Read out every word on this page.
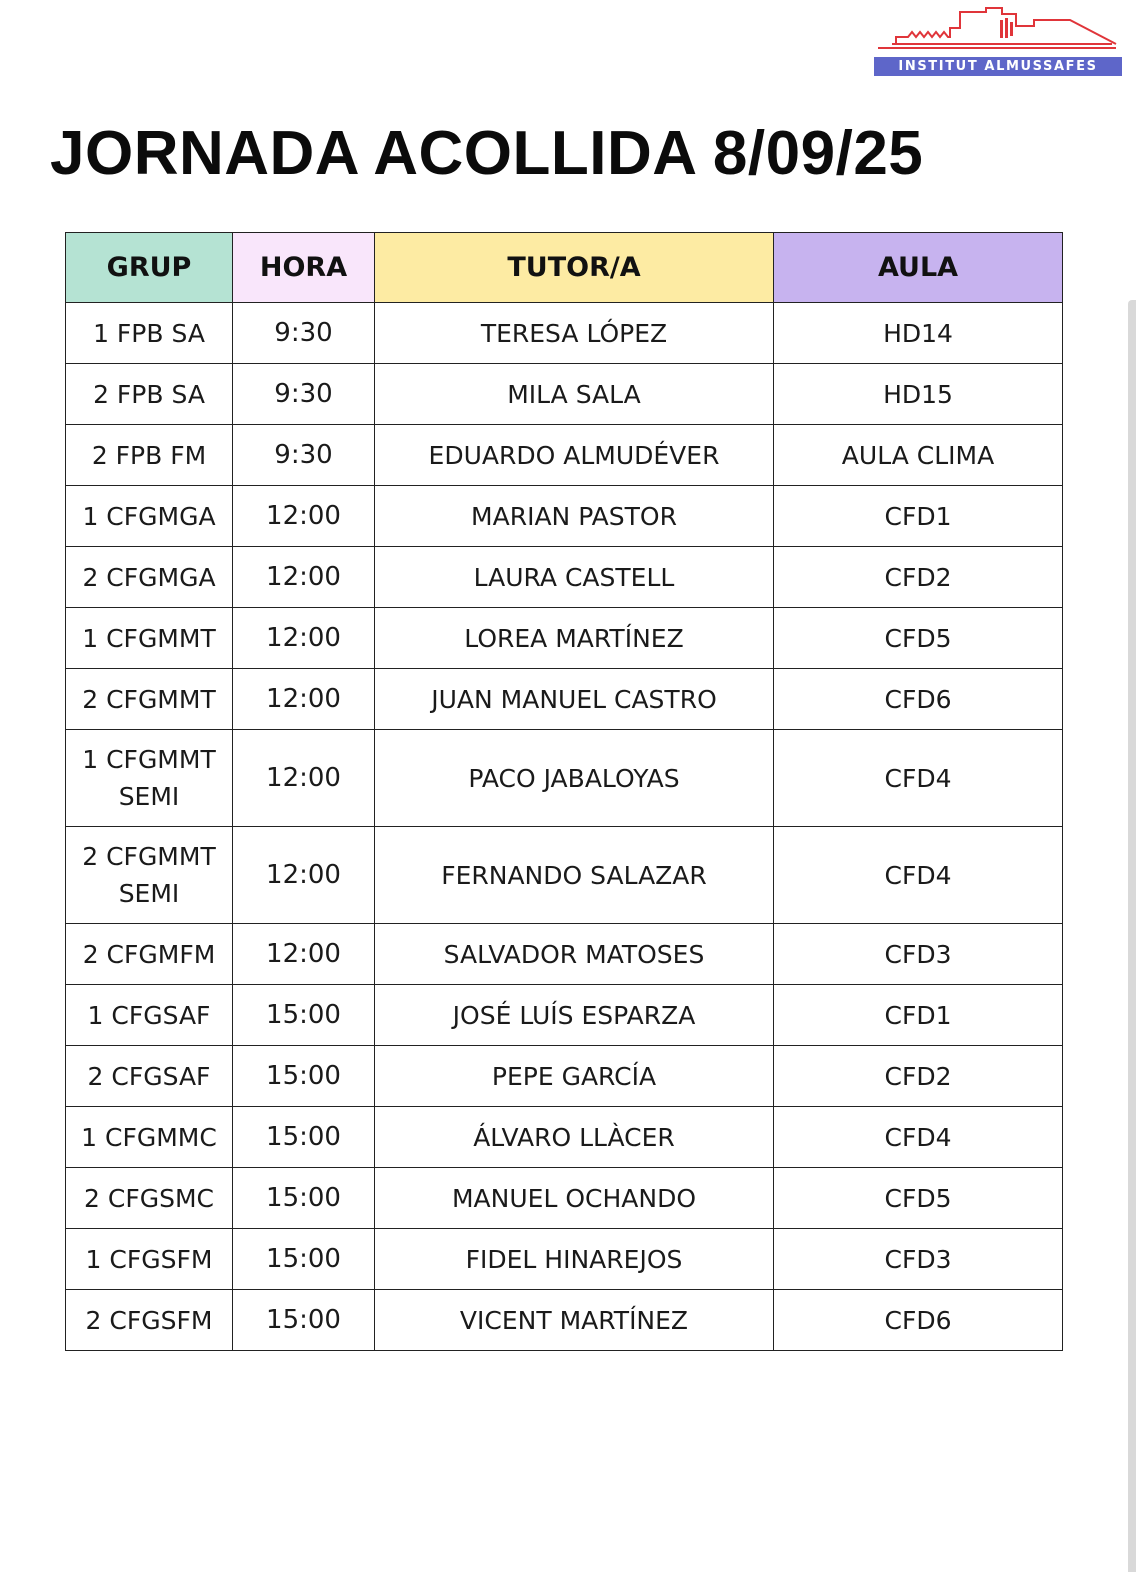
INSTITUT ALMUSSAFES
JORNADA ACOLLIDA 8/09/25
GRUP	HORA	TUTOR/A	AULA
1 FPB SA	9:30	TERESA LÓPEZ	HD14
2 FPB SA	9:30	MILA SALA	HD15
2 FPB FM	9:30	EDUARDO ALMUDÉVER	AULA CLIMA
1 CFGMGA	12:00	MARIAN PASTOR	CFD1
2 CFGMGA	12:00	LAURA CASTELL	CFD2
1 CFGMMT	12:00	LOREA MARTÍNEZ	CFD5
2 CFGMMT	12:00	JUAN MANUEL CASTRO	CFD6
1 CFGMMT SEMI	12:00	PACO JABALOYAS	CFD4
2 CFGMMT SEMI	12:00	FERNANDO SALAZAR	CFD4
2 CFGMFM	12:00	SALVADOR MATOSES	CFD3
1 CFGSAF	15:00	JOSÉ LUÍS ESPARZA	CFD1
2 CFGSAF	15:00	PEPE GARCÍA	CFD2
1 CFGMMC	15:00	ÁLVARO LLÀCER	CFD4
2 CFGSMC	15:00	MANUEL OCHANDO	CFD5
1 CFGSFM	15:00	FIDEL HINAREJOS	CFD3
2 CFGSFM	15:00	VICENT MARTÍNEZ	CFD6
